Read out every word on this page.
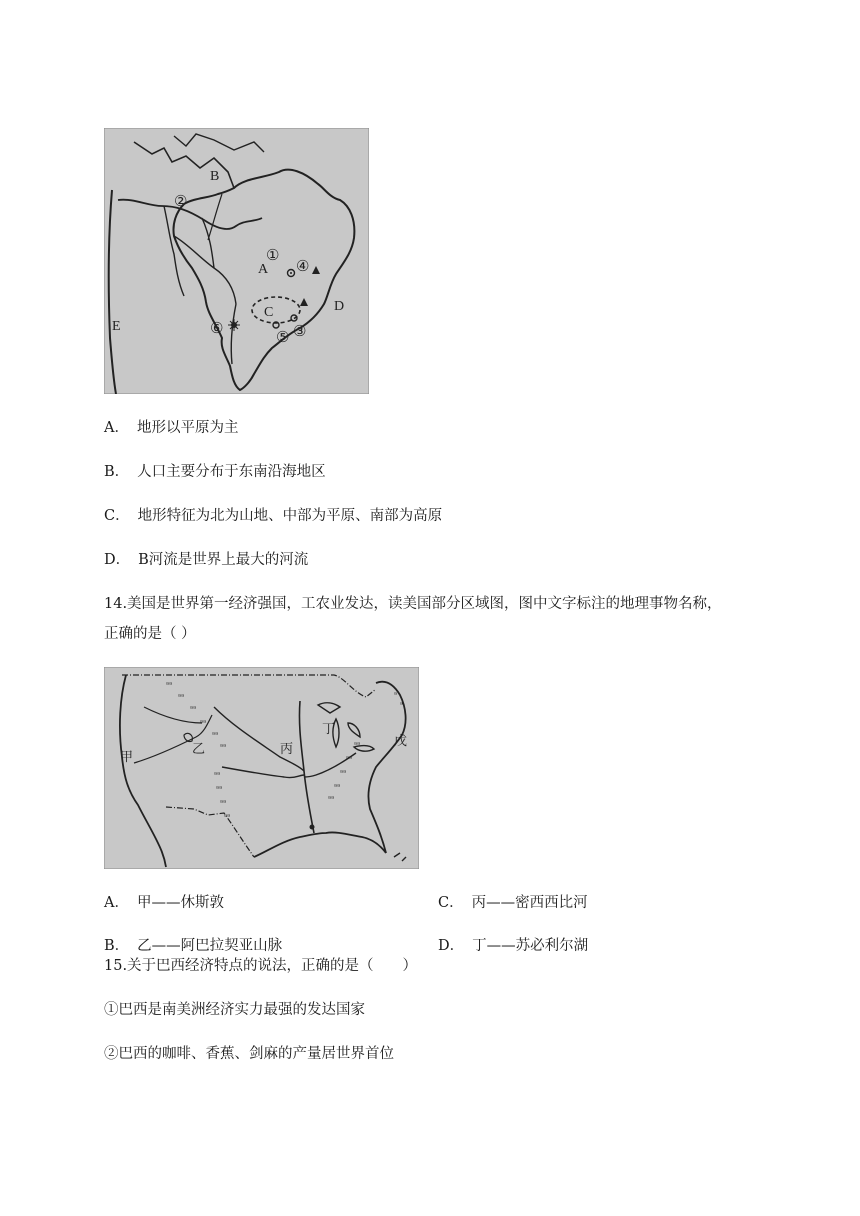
B
②
①
A ④
D
C
⑥	③
⑤
E
A． 地形以平原为主
B． 人口主要分布于东南沿海地区
C． 地形特征为北为山地、中部为平原、南部为高原
D． B河流是世界上最大的河流
14.美国是世界第一经济强国，工农业发达，读美国部分区域图，图中文字标注的地理事物名称，
正确的是（ ）
ᵃᵃ
ᵃᵃ
ᵃᵃ
ᵃᵃ
ᵃᵃ
ᵃᵃ
ᵃᵃ
ᵃᵃ
ᵃᵃ
ᵃᵃ
ᵃᵃ
ᵃᵃ
ᵃᵃ
ᵃᵃ
ᵃᵃ
ᵃ
ᵃ
甲
乙	丙
丁
戊
A． 甲——休斯敦	C． 丙——密西西比河
B． 乙——阿巴拉契亚山脉	D． 丁——苏必利尔湖
15.关于巴西经济特点的说法，正确的是（　　）
①巴西是南美洲经济实力最强的发达国家
②巴西的咖啡、香蕉、剑麻的产量居世界首位
